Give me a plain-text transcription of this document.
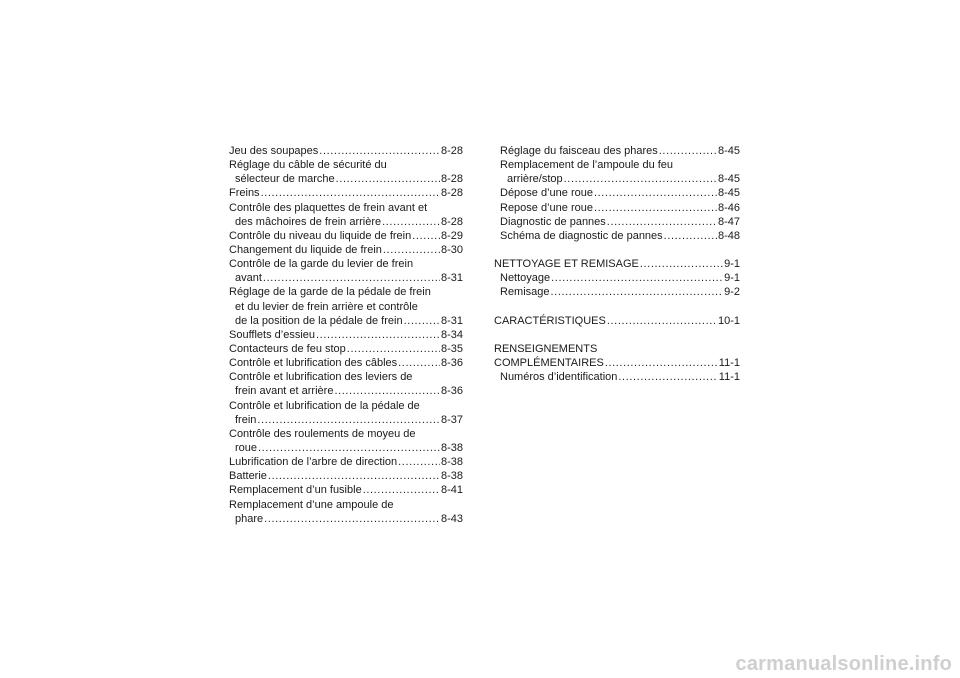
Jeu des soupapes .....	8-28
Réglage du câble de sécurité du
sélecteur de marche .....	8-28
Freins .....	8-28
Contrôle des plaquettes de frein avant et
des mâchoires de frein arrière .....	8-28
Contrôle du niveau du liquide de frein .....	8-29
Changement du liquide de frein .....	8-30
Contrôle de la garde du levier de frein
avant .....	8-31
Réglage de la garde de la pédale de frein
et du levier de frein arrière et contrôle
de la position de la pédale de frein .....	8-31
Soufflets d’essieu .....	8-34
Contacteurs de feu stop .....	8-35
Contrôle et lubrification des câbles .....	8-36
Contrôle et lubrification des leviers de
frein avant et arrière .....	8-36
Contrôle et lubrification de la pédale de
frein .....	8-37
Contrôle des roulements de moyeu de
roue .....	8-38
Lubrification de l’arbre de direction .....	8-38
Batterie .....	8-38
Remplacement d’un fusible .....	8-41
Remplacement d’une ampoule de
phare .....	8-43
Réglage du faisceau des phares .....	8-45
Remplacement de l’ampoule du feu
arrière/stop .....	8-45
Dépose d’une roue .....	8-45
Repose d’une roue .....	8-46
Diagnostic de pannes .....	8-47
Schéma de diagnostic de pannes .....	8-48
NETTOYAGE ET REMISAGE .....	9-1
Nettoyage .....	9-1
Remisage .....	9-2
CARACTÉRISTIQUES .....	10-1
RENSEIGNEMENTS
COMPLÉMENTAIRES .....	11-1
Numéros d’identification .....	11-1
carmanualsonline.info
